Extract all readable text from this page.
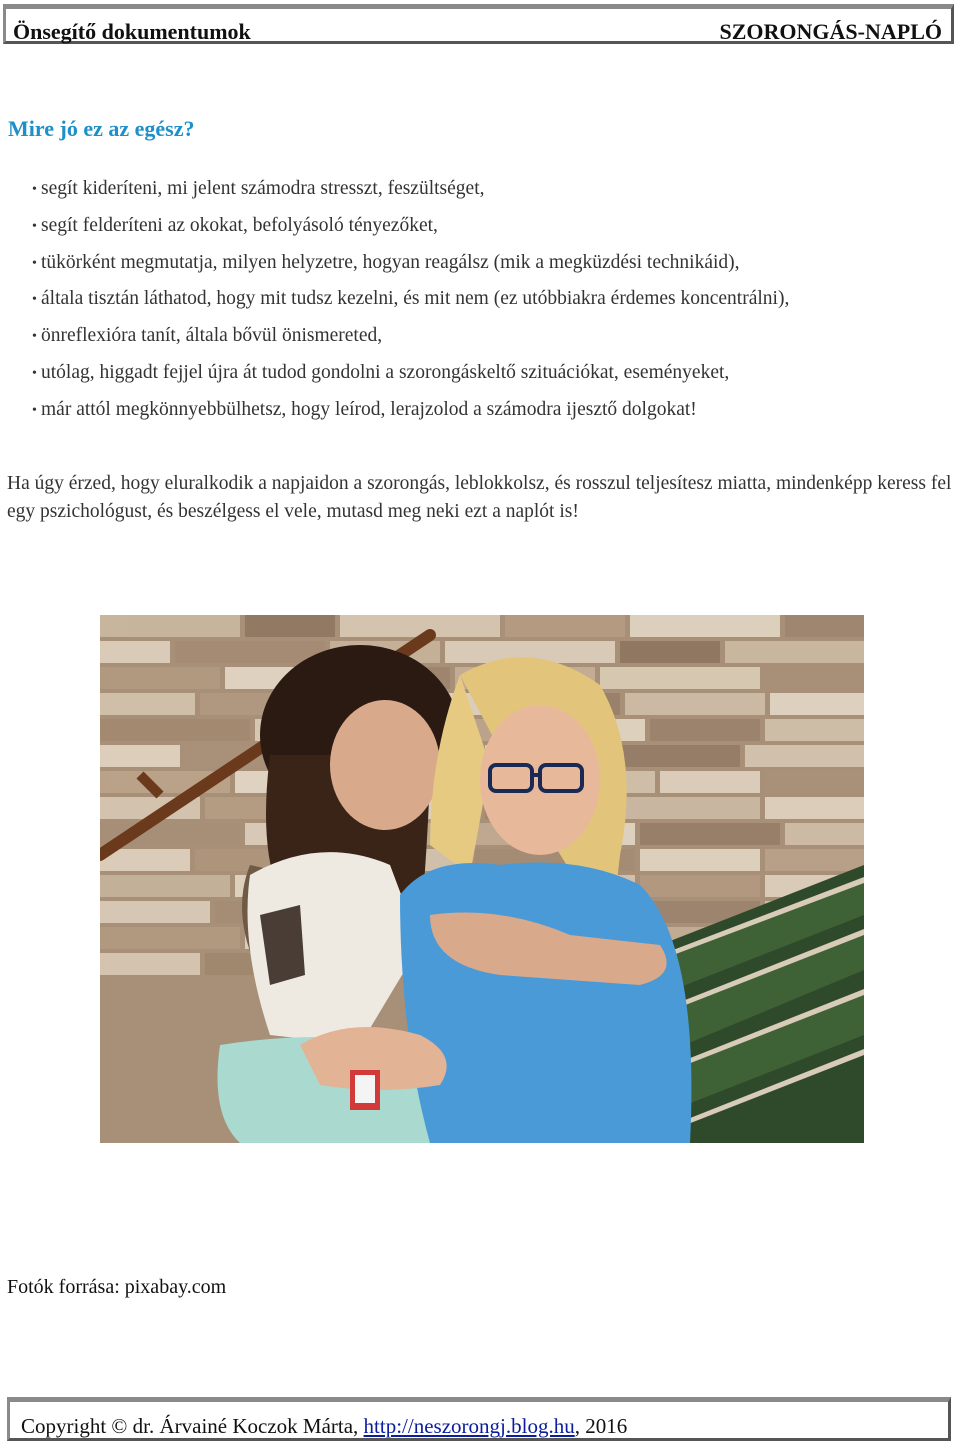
Önsegítő dokumentumok	SZORONGÁS-NAPLÓ
Mire jó ez az egész?
• segít kideríteni, mi jelent számodra stresszt, feszültséget,
• segít felderíteni az okokat, befolyásoló tényezőket,
• tükörként megmutatja, milyen helyzetre, hogyan reagálsz (mik a megküzdési technikáid),
• általa tisztán láthatod, hogy mit tudsz kezelni, és mit nem (ez utóbbiakra érdemes koncentrálni),
• önreflexióra tanít, általa bővül önismereted,
• utólag, higgadt fejjel újra át tudod gondolni a szorongáskeltő szituációkat, eseményeket,
• már attól megkönnyebbülhetsz, hogy leírod, lerajzolod a számodra ijesztő dolgokat!
Ha úgy érzed, hogy eluralkodik a napjaidon a szorongás, leblokkolsz, és rosszul teljesítesz miatta, mindenképp keress fel egy pszichológust, és beszélgess el vele, mutasd meg neki ezt a naplót is!
Fotók forrása: pixabay.com
Copyright © dr. Árvainé Koczok Márta, http://neszorongj.blog.hu, 2016
